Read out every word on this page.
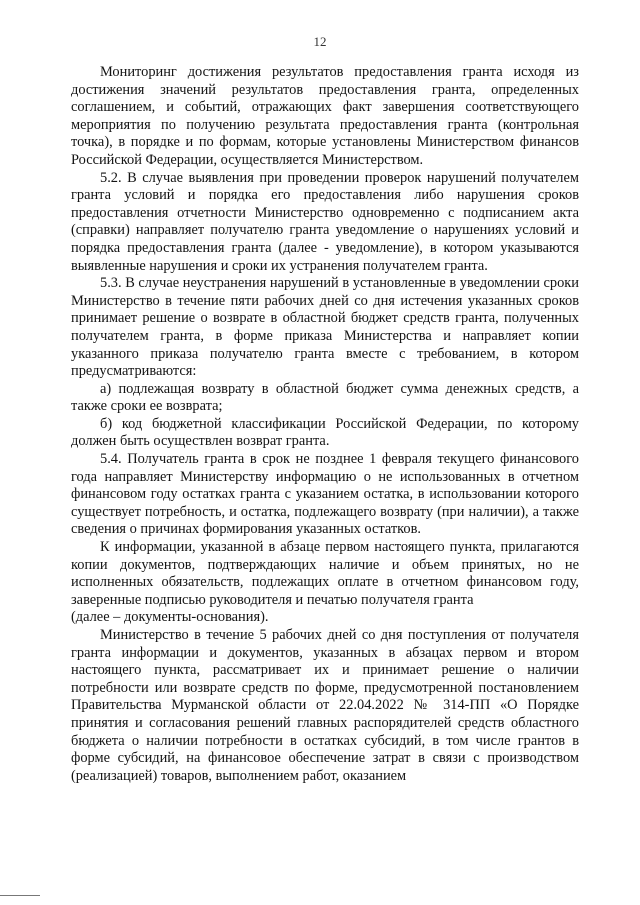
12

Мониторинг достижения результатов предоставления гранта исходя из достижения значений результатов предоставления гранта, определенных соглашением, и событий, отражающих факт завершения соответствующего мероприятия по получению результата предоставления гранта (контрольная точка), в порядке и по формам, которые установлены Министерством финансов Российской Федерации, осуществляется Министерством.

5.2. В случае выявления при проведении проверок нарушений получателем гранта условий и порядка его предоставления либо нарушения сроков предоставления отчетности Министерство одновременно с подписанием акта (справки) направляет получателю гранта уведомление о нарушениях условий и порядка предоставления гранта (далее - уведомление), в котором указываются выявленные нарушения и сроки их устранения получателем гранта.

5.3. В случае неустранения нарушений в установленные в уведомлении сроки Министерство в течение пяти рабочих дней со дня истечения указанных сроков принимает решение о возврате в областной бюджет средств гранта, полученных получателем гранта, в форме приказа Министерства и направляет копии указанного приказа получателю гранта вместе с требованием, в котором предусматриваются:

а) подлежащая возврату в областной бюджет сумма денежных средств, а также сроки ее возврата;

б) код бюджетной классификации Российской Федерации, по которому должен быть осуществлен возврат гранта.

5.4. Получатель гранта в срок не позднее 1 февраля текущего финансового года направляет Министерству информацию о не использованных в отчетном финансовом году остатках гранта с указанием остатка, в использовании которого существует потребность, и остатка, подлежащего возврату (при наличии), а также сведения о причинах формирования указанных остатков.

К информации, указанной в абзаце первом настоящего пункта, прилагаются копии документов, подтверждающих наличие и объем принятых, но не исполненных обязательств, подлежащих оплате в отчетном финансовом году, заверенные подписью руководителя и печатью получателя гранта

(далее – документы-основания).

Министерство в течение 5 рабочих дней со дня поступления от получателя гранта информации и документов, указанных в абзацах первом и втором настоящего пункта, рассматривает их и принимает решение о наличии потребности или возврате средств по форме, предусмотренной постановлением Правительства Мурманской области от 22.04.2022 № 314-ПП «О Порядке принятия и согласования решений главных распорядителей средств областного бюджета о наличии потребности в остатках субсидий, в том числе грантов в форме субсидий, на финансовое обеспечение затрат в связи с производством (реализацией) товаров, выполнением работ, оказанием
